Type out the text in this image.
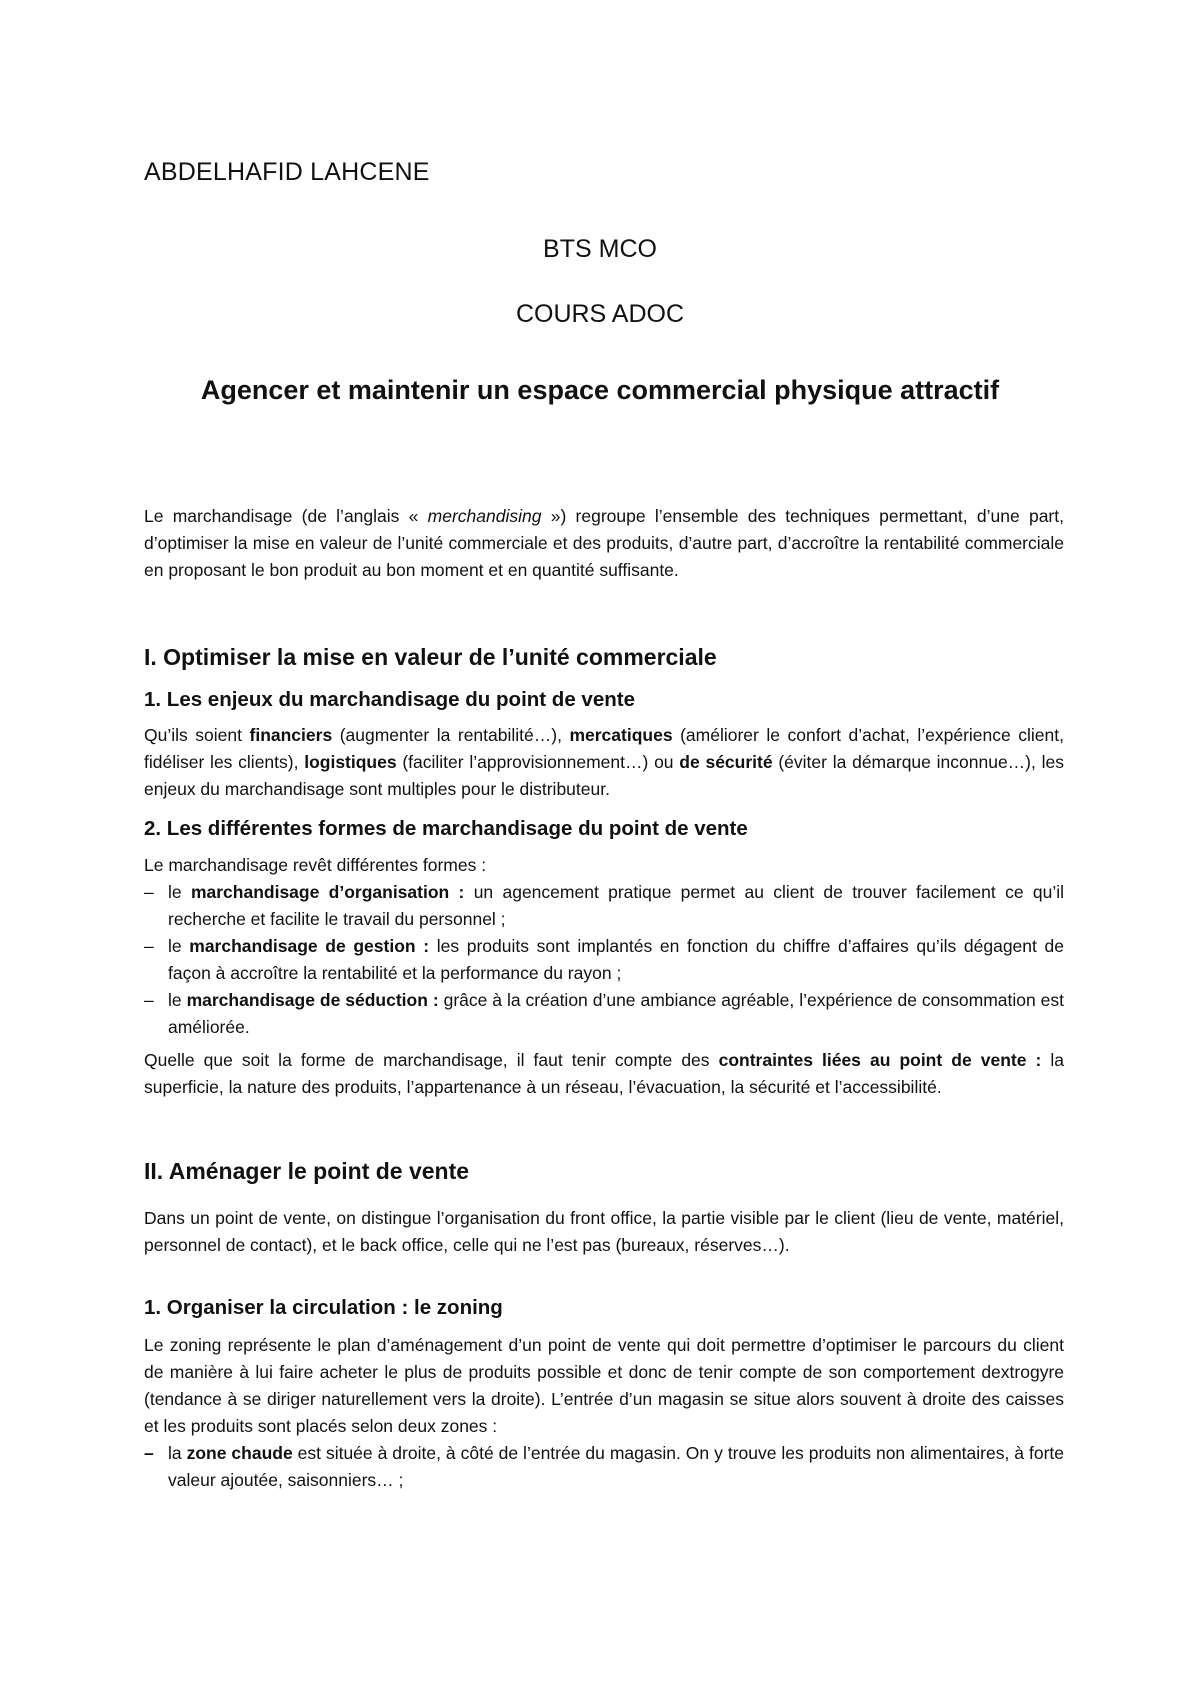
ABDELHAFID LAHCENE
BTS MCO
COURS ADOC
Agencer et maintenir un espace commercial physique attractif

Le marchandisage (de l’anglais « merchandising ») regroupe l’ensemble des techniques permettant, d’une part, d’optimiser la mise en valeur de l’unité commerciale et des produits, d’autre part, d’accroître la rentabilité commerciale en proposant le bon produit au bon moment et en quantité suffisante.

I. Optimiser la mise en valeur de l’unité commerciale
1. Les enjeux du marchandisage du point de vente

Qu’ils soient financiers (augmenter la rentabilité…), mercatiques (améliorer le confort d’achat, l’expérience client, fidéliser les clients), logistiques (faciliter l’approvisionnement…) ou de sécurité (éviter la démarque inconnue…), les enjeux du marchandisage sont multiples pour le distributeur.

2. Les différentes formes de marchandisage du point de vente

Le marchandisage revêt différentes formes :

– le marchandisage d’organisation : un agencement pratique permet au client de trouver facilement ce qu’il recherche et facilite le travail du personnel ;
– le marchandisage de gestion : les produits sont implantés en fonction du chiffre d’affaires qu’ils dégagent de façon à accroître la rentabilité et la performance du rayon ;
– le marchandisage de séduction : grâce à la création d’une ambiance agréable, l’expérience de consommation est améliorée.

Quelle que soit la forme de marchandisage, il faut tenir compte des contraintes liées au point de vente : la superficie, la nature des produits, l’appartenance à un réseau, l’évacuation, la sécurité et l’accessibilité.

II. Aménager le point de vente

Dans un point de vente, on distingue l’organisation du front office, la partie visible par le client (lieu de vente, matériel, personnel de contact), et le back office, celle qui ne l’est pas (bureaux, réserves…).

1. Organiser la circulation : le zoning

Le zoning représente le plan d’aménagement d’un point de vente qui doit permettre d’optimiser le parcours du client de manière à lui faire acheter le plus de produits possible et donc de tenir compte de son comportement dextrogyre (tendance à se diriger naturellement vers la droite). L’entrée d’un magasin se situe alors souvent à droite des caisses et les produits sont placés selon deux zones :

– la zone chaude est située à droite, à côté de l’entrée du magasin. On y trouve les produits non alimentaires, à forte valeur ajoutée, saisonniers… ;
